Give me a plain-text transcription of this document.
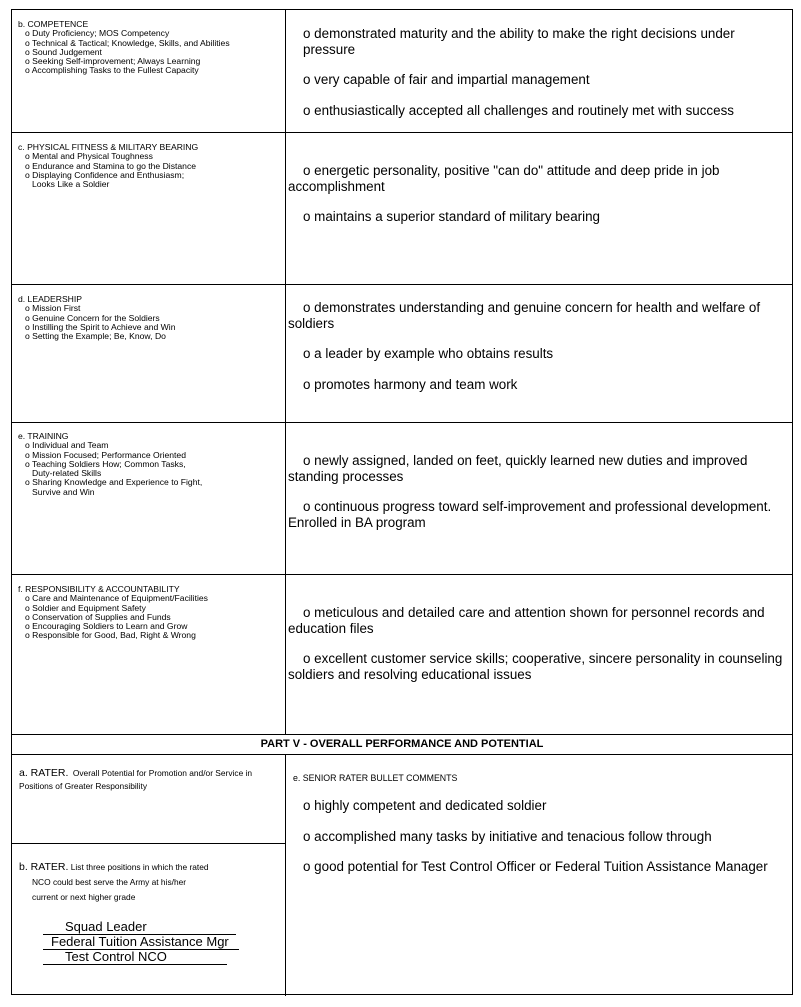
b. COMPETENCE
o Duty Proficiency; MOS Competency
o Technical & Tactical; Knowledge, Skills, and Abilities
o Sound Judgement
o Seeking Self-improvement; Always Learning
o Accomplishing Tasks to the Fullest Capacity

o demonstrated maturity and the ability to make the right decisions under pressure

o very capable of fair and impartial management

o enthusiastically accepted all challenges and routinely met with success

c. PHYSICAL FITNESS & MILITARY BEARING
o Mental and Physical Toughness
o Endurance and Stamina to go the Distance
o Displaying Confidence and Enthusiasm; Looks Like a Soldier

o energetic personality, positive "can do" attitude and deep pride in job accomplishment

o maintains a superior standard of military bearing

d. LEADERSHIP
o Mission First
o Genuine Concern for the Soldiers
o Instilling the Spirit to Achieve and Win
o Setting the Example; Be, Know, Do

o demonstrates understanding and genuine concern for health and welfare of soldiers

o a leader by example who obtains results

o promotes harmony and team work

e. TRAINING
o Individual and Team
o Mission Focused; Performance Oriented
o Teaching Soldiers How; Common Tasks, Duty-related Skills
o Sharing Knowledge and Experience to Fight, Survive and Win

o newly assigned, landed on feet, quickly learned new duties and improved standing processes

o continuous progress toward self-improvement and professional development. Enrolled in BA program

f. RESPONSIBILITY & ACCOUNTABILITY
o Care and Maintenance of Equipment/Facilities
o Soldier and Equipment Safety
o Conservation of Supplies and Funds
o Encouraging Soldiers to Learn and Grow
o Responsible for Good, Bad, Right & Wrong

o meticulous and detailed care and attention shown for personnel records and education files

o excellent customer service skills; cooperative, sincere personality in counseling soldiers and resolving educational issues

PART V - OVERALL PERFORMANCE AND POTENTIAL
a. RATER. Overall Potential for Promotion and/or Service in Positions of Greater Responsibility
b. RATER. List three positions in which the rated
NCO could best serve the Army at his/her
current or next higher grade
Squad Leader
Federal Tuition Assistance Mgr
Test Control NCO
e. SENIOR RATER BULLET COMMENTS

o highly competent and dedicated soldier

o accomplished many tasks by initiative and tenacious follow through

o good potential for Test Control Officer or Federal Tuition Assistance Manager
